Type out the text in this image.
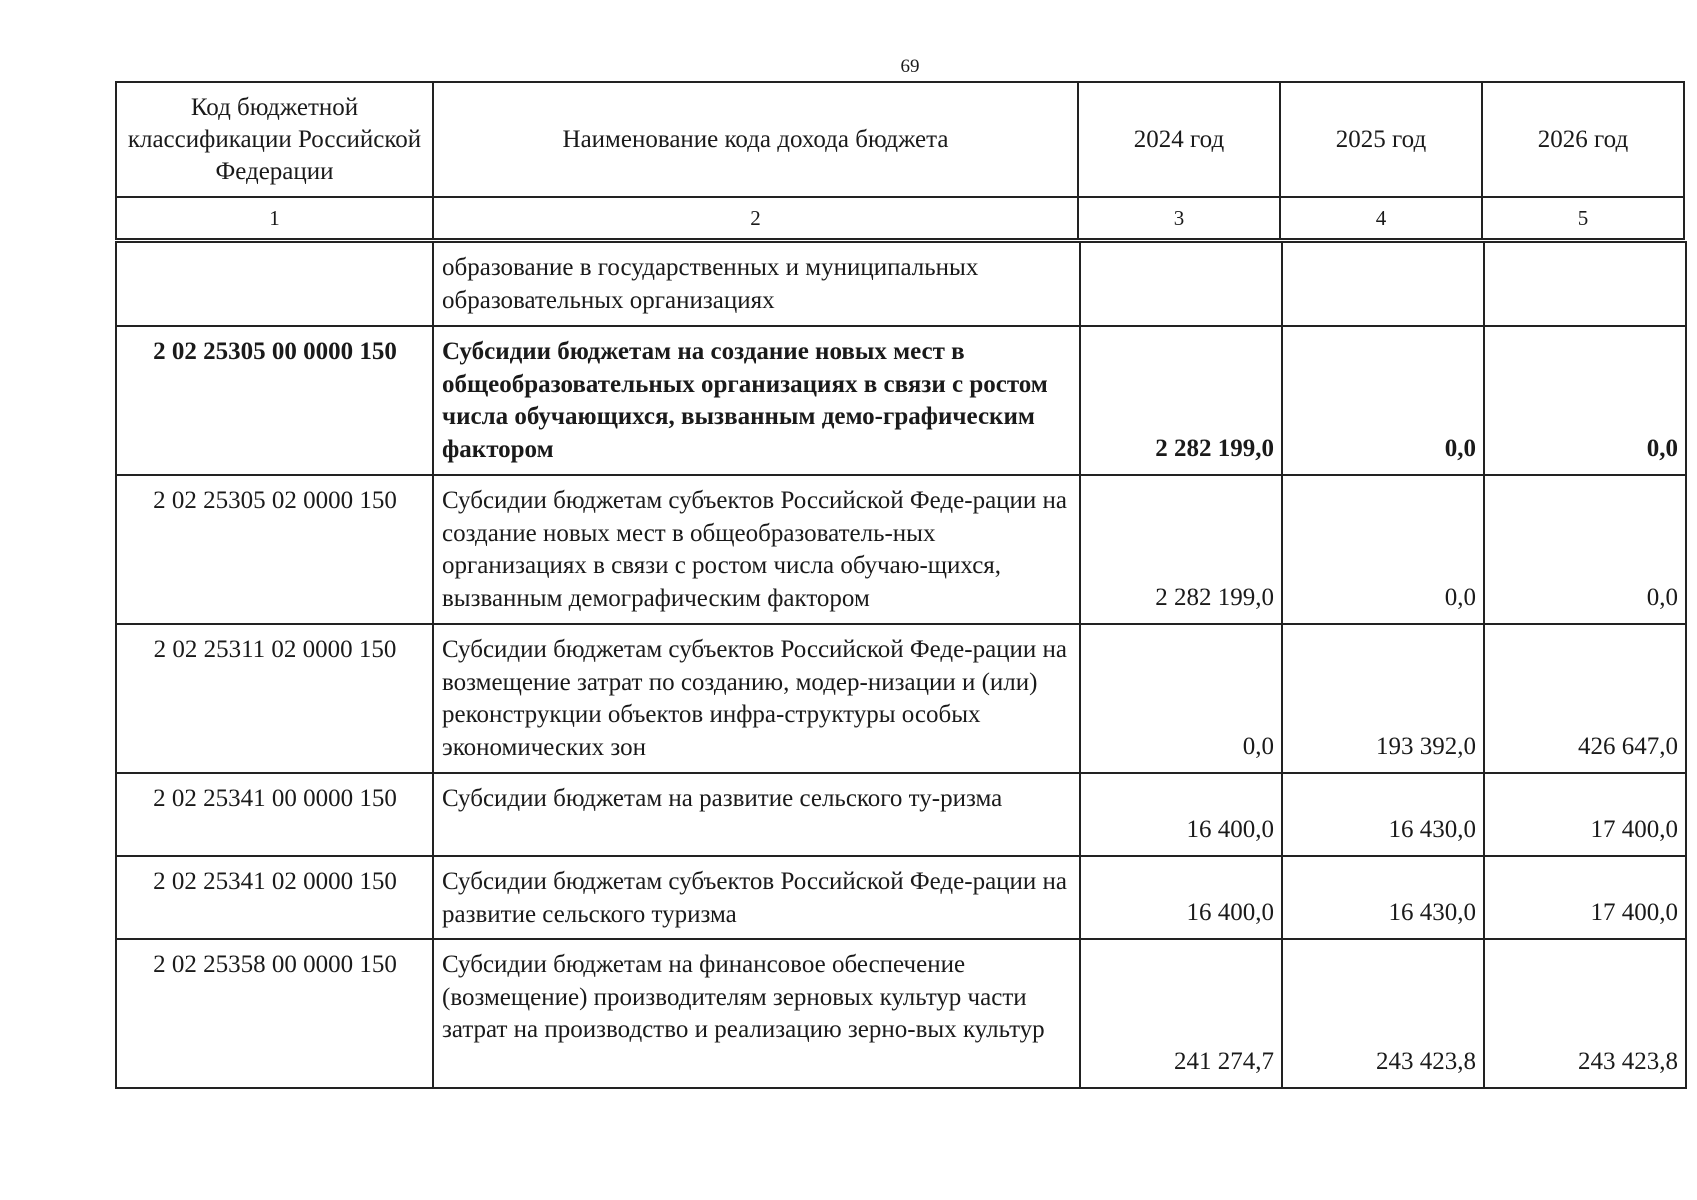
69
Код бюджетной классификации Российской Федерации	Наименование кода дохода бюджета	2024 год	2025 год	2026 год
1	2	3	4	5
	образование в государственных и муниципальных образовательных организациях			
2 02 25305 00 0000 150	Субсидии бюджетам на создание новых мест в общеобразовательных организациях в связи с ростом числа обучающихся, вызванным демо-графическим фактором	2 282 199,0	0,0	0,0
2 02 25305 02 0000 150	Субсидии бюджетам субъектов Российской Феде-рации на создание новых мест в общеобразователь-ных организациях в связи с ростом числа обучаю-щихся, вызванным демографическим фактором	2 282 199,0	0,0	0,0
2 02 25311 02 0000 150	Субсидии бюджетам субъектов Российской Феде-рации на возмещение затрат по созданию, модер-низации и (или) реконструкции объектов инфра-структуры особых экономических зон	0,0	193 392,0	426 647,0
2 02 25341 00 0000 150	Субсидии бюджетам на развитие сельского ту-ризма	16 400,0	16 430,0	17 400,0
2 02 25341 02 0000 150	Субсидии бюджетам субъектов Российской Феде-рации на развитие сельского туризма	16 400,0	16 430,0	17 400,0
2 02 25358 00 0000 150	Субсидии бюджетам на финансовое обеспечение (возмещение) производителям зерновых культур части затрат на производство и реализацию зерно-вых культур	241 274,7	243 423,8	243 423,8
